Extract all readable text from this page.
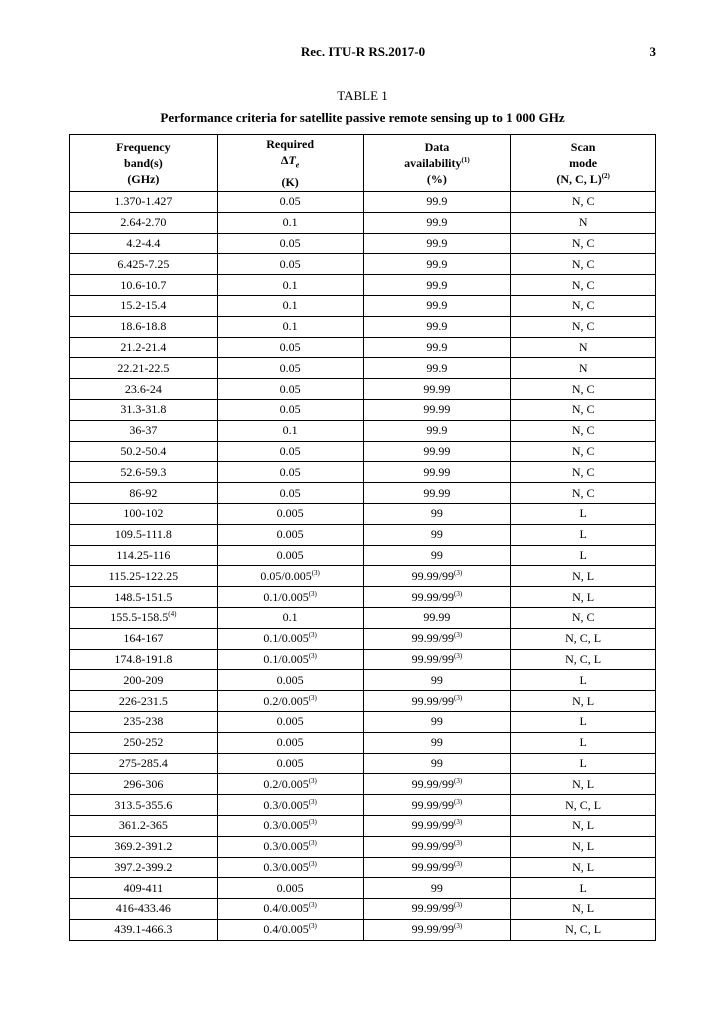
Rec. ITU-R RS.2017-0	3
TABLE 1
Performance criteria for satellite passive remote sensing up to 1 000 GHz
Frequency
band(s)
(GHz)	Required
$\Delta T_e$
(K)	Data
availability$^{(1)}$
(%)	Scan
mode
(N, C, L)$^{(2)}$
1.370-1.427	0.05	99.9	N, C
2.64-2.70	0.1	99.9	N
4.2-4.4	0.05	99.9	N, C
6.425-7.25	0.05	99.9	N, C
10.6-10.7	0.1	99.9	N, C
15.2-15.4	0.1	99.9	N, C
18.6-18.8	0.1	99.9	N, C
21.2-21.4	0.05	99.9	N
22.21-22.5	0.05	99.9	N
23.6-24	0.05	99.99	N, C
31.3-31.8	0.05	99.99	N, C
36-37	0.1	99.9	N, C
50.2-50.4	0.05	99.99	N, C
52.6-59.3	0.05	99.99	N, C
86-92	0.05	99.99	N, C
100-102	0.005	99	L
109.5-111.8	0.005	99	L
114.25-116	0.005	99	L
115.25-122.25	0.05/0.005$^{(3)}$	99.99/99$^{(3)}$	N, L
148.5-151.5	0.1/0.005$^{(3)}$	99.99/99$^{(3)}$	N, L
155.5-158.5$^{(4)}$	0.1	99.99	N, C
164-167	0.1/0.005$^{(3)}$	99.99/99$^{(3)}$	N, C, L
174.8-191.8	0.1/0.005$^{(3)}$	99.99/99$^{(3)}$	N, C, L
200-209	0.005	99	L
226-231.5	0.2/0.005$^{(3)}$	99.99/99$^{(3)}$	N, L
235-238	0.005	99	L
250-252	0.005	99	L
275-285.4	0.005	99	L
296-306	0.2/0.005$^{(3)}$	99.99/99$^{(3)}$	N, L
313.5-355.6	0.3/0.005$^{(3)}$	99.99/99$^{(3)}$	N, C, L
361.2-365	0.3/0.005$^{(3)}$	99.99/99$^{(3)}$	N, L
369.2-391.2	0.3/0.005$^{(3)}$	99.99/99$^{(3)}$	N, L
397.2-399.2	0.3/0.005$^{(3)}$	99.99/99$^{(3)}$	N, L
409-411	0.005	99	L
416-433.46	0.4/0.005$^{(3)}$	99.99/99$^{(3)}$	N, L
439.1-466.3	0.4/0.005$^{(3)}$	99.99/99$^{(3)}$	N, C, L
